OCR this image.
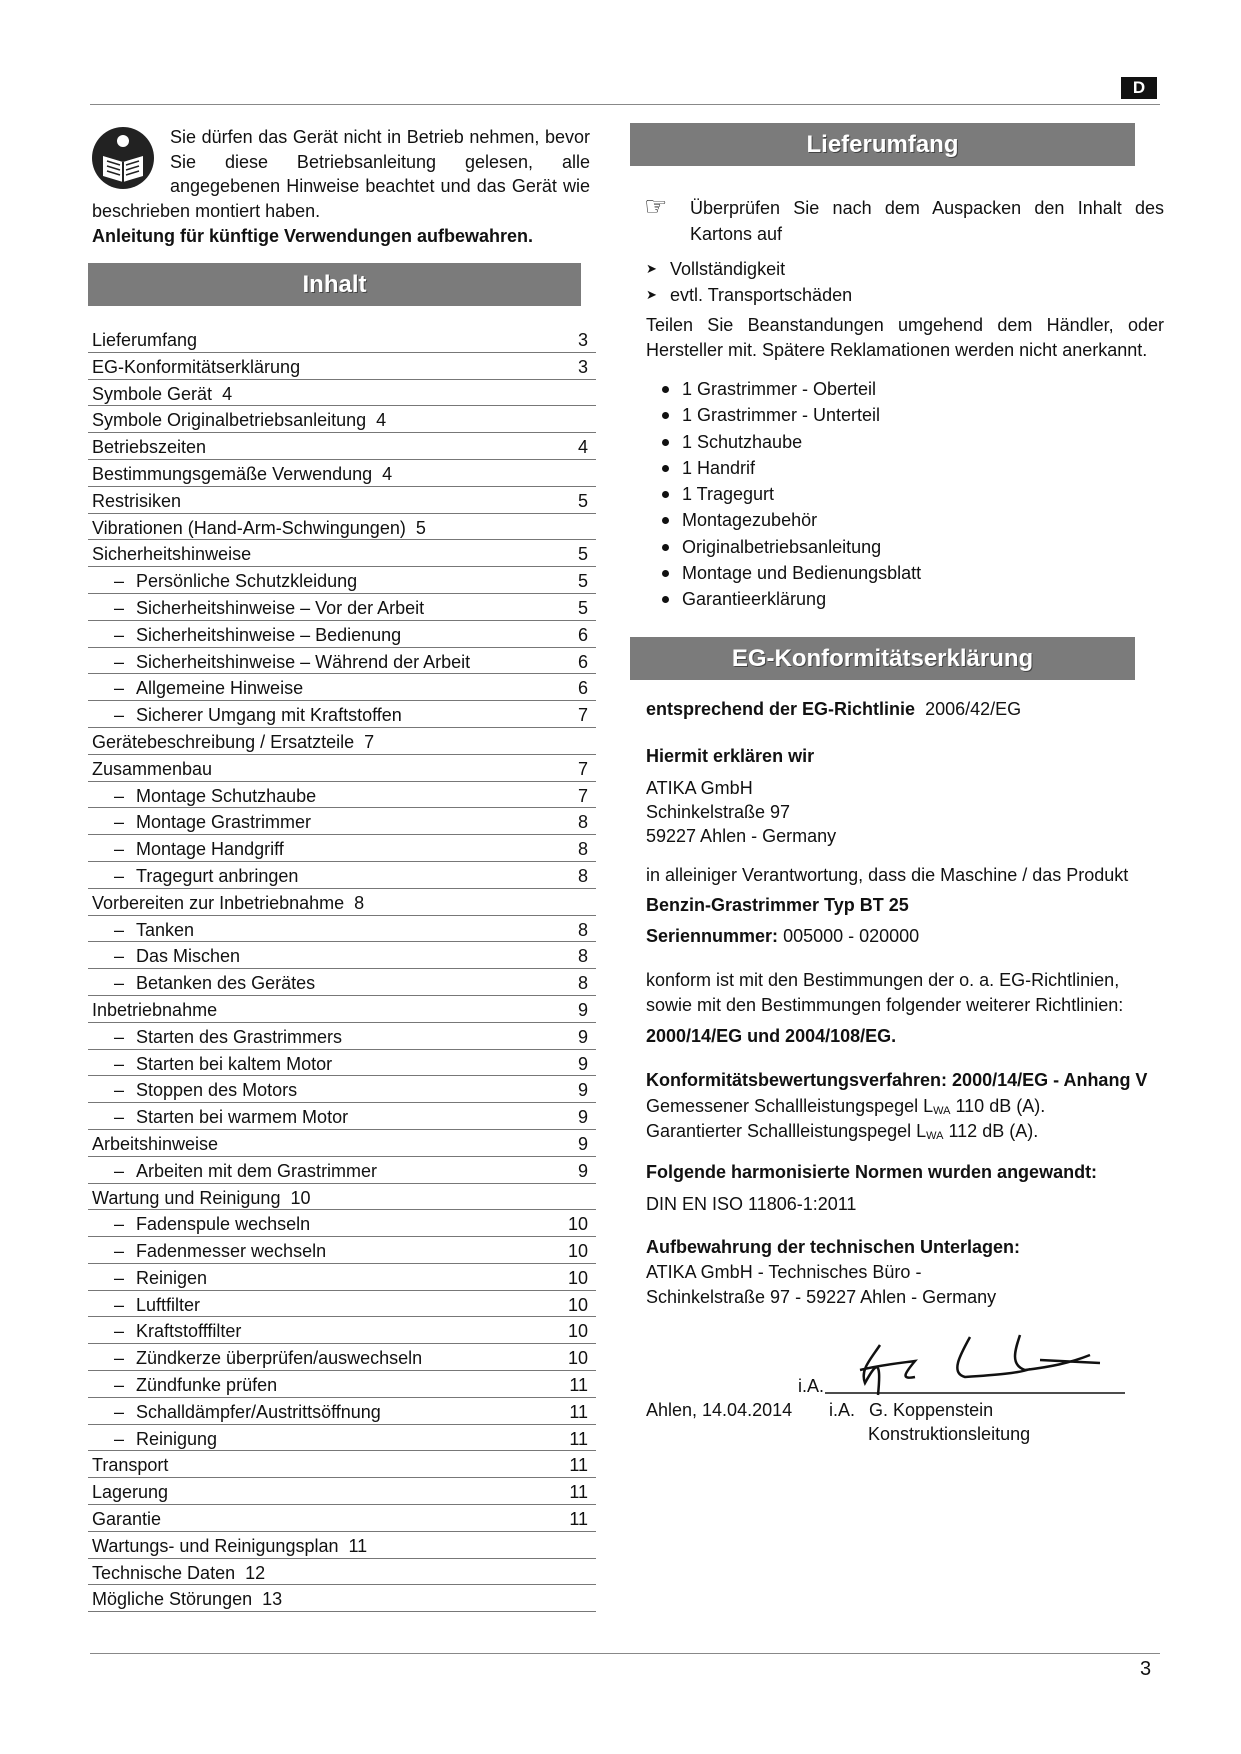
D
Sie dürfen das Gerät nicht in Betrieb nehmen, bevor Sie diese Betriebsanleitung gelesen, alle angegebenen Hinweise beachtet und das Gerät wie beschrieben montiert haben.
Anleitung für künftige Verwendungen aufbewahren.
Inhalt
Lieferumfang	3
EG-Konformitätserklärung	3
Symbole Gerät 4
Symbole Originalbetriebsanleitung 4
Betriebszeiten	4
Bestimmungsgemäße Verwendung 4
Restrisiken	5
Vibrationen (Hand-Arm-Schwingungen) 5
Sicherheitshinweise	5
– Persönliche Schutzkleidung	5
– Sicherheitshinweise – Vor der Arbeit	5
– Sicherheitshinweise – Bedienung	6
– Sicherheitshinweise – Während der Arbeit	6
– Allgemeine Hinweise	6
– Sicherer Umgang mit Kraftstoffen	7
Gerätebeschreibung / Ersatzteile 7
Zusammenbau	7
– Montage Schutzhaube	7
– Montage Grastrimmer	8
– Montage Handgriff	8
– Tragegurt anbringen	8
Vorbereiten zur Inbetriebnahme 8
– Tanken	8
– Das Mischen	8
– Betanken des Gerätes	8
Inbetriebnahme	9
– Starten des Grastrimmers	9
– Starten bei kaltem Motor	9
– Stoppen des Motors	9
– Starten bei warmem Motor	9
Arbeitshinweise	9
– Arbeiten mit dem Grastrimmer	9
Wartung und Reinigung 10
– Fadenspule wechseln	10
– Fadenmesser wechseln	10
– Reinigen	10
– Luftfilter	10
– Kraftstofffilter	10
– Zündkerze überprüfen/auswechseln	10
– Zündfunke prüfen	11
– Schalldämpfer/Austrittsöffnung	11
– Reinigung	11
Transport	11
Lagerung	11
Garantie	11
Wartungs- und Reinigungsplan 11
Technische Daten 12
Mögliche Störungen 13
Lieferumfang
☞ Überprüfen Sie nach dem Auspacken den Inhalt des Kartons auf
➤ Vollständigkeit
➤ evtl. Transportschäden
Teilen Sie Beanstandungen umgehend dem Händler, oder Hersteller mit. Spätere Reklamationen werden nicht anerkannt.
1 Grastrimmer - Oberteil
1 Grastrimmer - Unterteil
1 Schutzhaube
1 Handrif
1 Tragegurt
Montagezubehör
Originalbetriebsanleitung
Montage und Bedienungsblatt
Garantieerklärung
EG-Konformitätserklärung
entsprechend der EG-Richtlinie 2006/42/EG
Hiermit erklären wir
ATIKA GmbH
Schinkelstraße 97
59227 Ahlen - Germany
in alleiniger Verantwortung, dass die Maschine / das Produkt
Benzin-Grastrimmer Typ BT 25
Seriennummer: 005000 - 020000
konform ist mit den Bestimmungen der o. a. EG-Richtlinien, sowie mit den Bestimmungen folgender weiterer Richtlinien:
2000/14/EG und 2004/108/EG.
Konformitätsbewertungsverfahren: 2000/14/EG - Anhang V
Gemessener Schallleistungspegel $L_{WA}$ 110 dB (A).
Garantierter Schallleistungspegel $L_{WA}$ 112 dB (A).
Folgende harmonisierte Normen wurden angewandt:
DIN EN ISO 11806-1:2011
Aufbewahrung der technischen Unterlagen:
ATIKA GmbH - Technisches Büro -
Schinkelstraße 97 - 59227 Ahlen - Germany
i.A.
Ahlen, 14.04.2014 i.A. G. Koppenstein
Konstruktionsleitung
3
